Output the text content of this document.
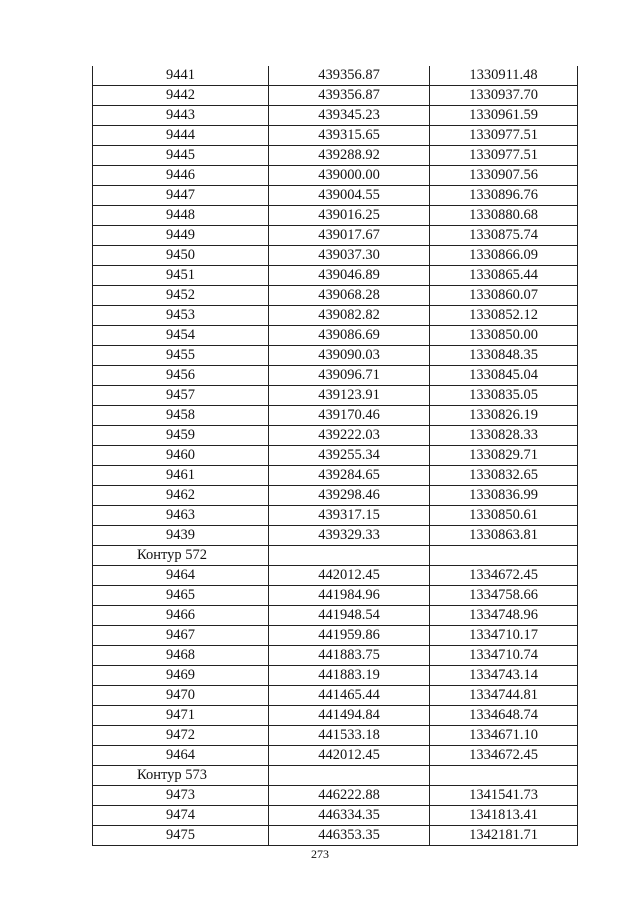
9441	439356.87	1330911.48
9442	439356.87	1330937.70
9443	439345.23	1330961.59
9444	439315.65	1330977.51
9445	439288.92	1330977.51
9446	439000.00	1330907.56
9447	439004.55	1330896.76
9448	439016.25	1330880.68
9449	439017.67	1330875.74
9450	439037.30	1330866.09
9451	439046.89	1330865.44
9452	439068.28	1330860.07
9453	439082.82	1330852.12
9454	439086.69	1330850.00
9455	439090.03	1330848.35
9456	439096.71	1330845.04
9457	439123.91	1330835.05
9458	439170.46	1330826.19
9459	439222.03	1330828.33
9460	439255.34	1330829.71
9461	439284.65	1330832.65
9462	439298.46	1330836.99
9463	439317.15	1330850.61
9439	439329.33	1330863.81
Контур 572		
9464	442012.45	1334672.45
9465	441984.96	1334758.66
9466	441948.54	1334748.96
9467	441959.86	1334710.17
9468	441883.75	1334710.74
9469	441883.19	1334743.14
9470	441465.44	1334744.81
9471	441494.84	1334648.74
9472	441533.18	1334671.10
9464	442012.45	1334672.45
Контур 573		
9473	446222.88	1341541.73
9474	446334.35	1341813.41
9475	446353.35	1342181.71
273
